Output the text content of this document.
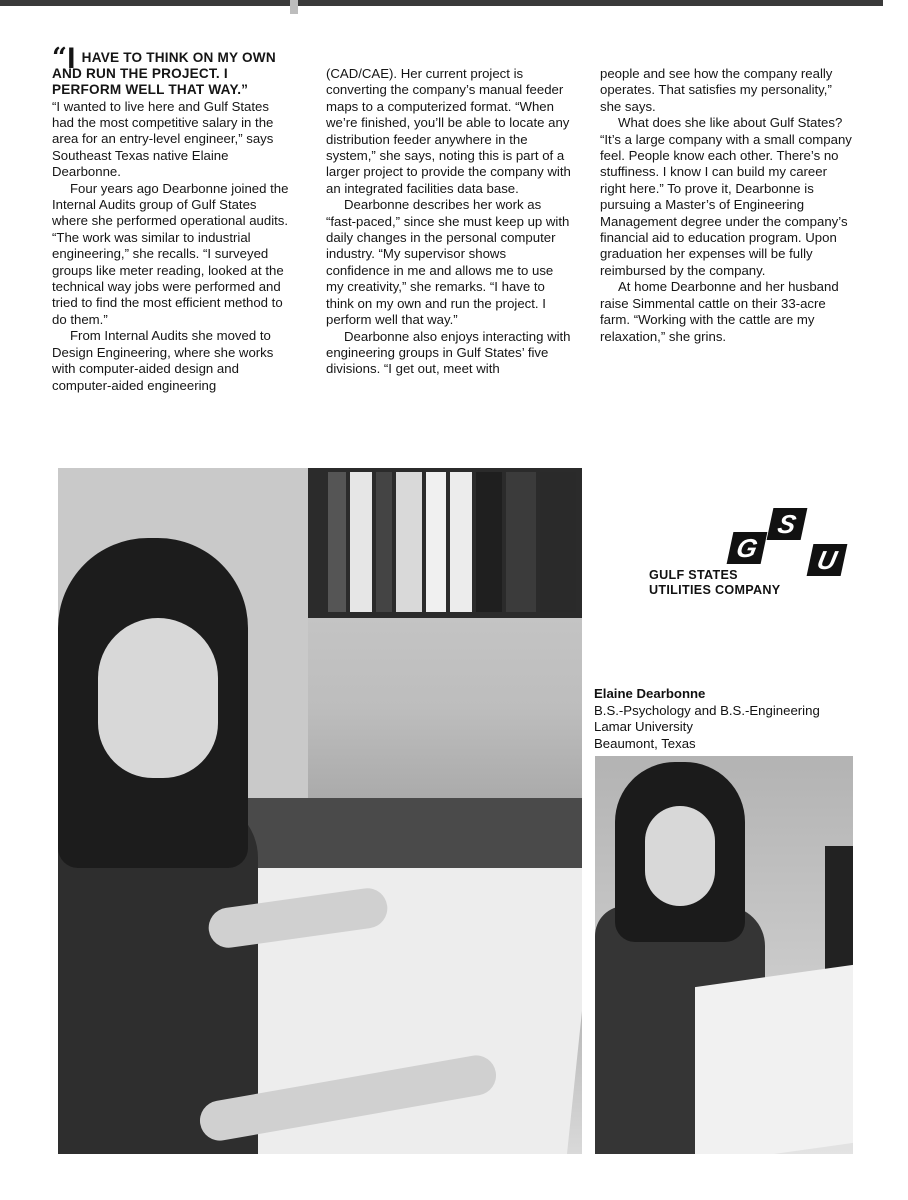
“I HAVE TO THINK ON MY OWN AND RUN THE PROJECT. I PERFORM WELL THAT WAY.”

“I wanted to live here and Gulf States had the most competitive salary in the area for an entry-level engineer,” says Southeast Texas native Elaine Dearbonne.

Four years ago Dearbonne joined the Internal Audits group of Gulf States where she performed operational audits. “The work was similar to industrial engineering,” she recalls. “I surveyed groups like meter reading, looked at the technical way jobs were performed and tried to find the most efficient method to do them.”

From Internal Audits she moved to Design Engineering, where she works with computer-aided design and computer-aided engineering

(CAD/CAE). Her current project is converting the company’s manual feeder maps to a computerized format. “When we’re finished, you’ll be able to locate any distribution feeder anywhere in the system,” she says, noting this is part of a larger project to provide the company with an integrated facilities data base.

Dearbonne describes her work as “fast-paced,” since she must keep up with daily changes in the personal computer industry. “My supervisor shows confidence in me and allows me to use my creativity,” she remarks. “I have to think on my own and run the project. I perform well that way.”

Dearbonne also enjoys interacting with engineering groups in Gulf States’ five divisions. “I get out, meet with

people and see how the company really operates. That satisfies my personality,” she says.

What does she like about Gulf States? “It’s a large company with a small company feel. People know each other. There’s no stuffiness. I know I can build my career right here.” To prove it, Dearbonne is pursuing a Master’s of Engineering Management degree under the company’s financial aid to education program. Upon graduation her expenses will be fully reimbursed by the company.

At home Dearbonne and her husband raise Simmental cattle on their 33-acre farm. “Working with the cattle are my relaxation,” she grins.

G
S
U
GULF STATES
UTILITIES COMPANY
Elaine Dearbonne
B.S.-Psychology and B.S.-Engineering
Lamar University
Beaumont, Texas
